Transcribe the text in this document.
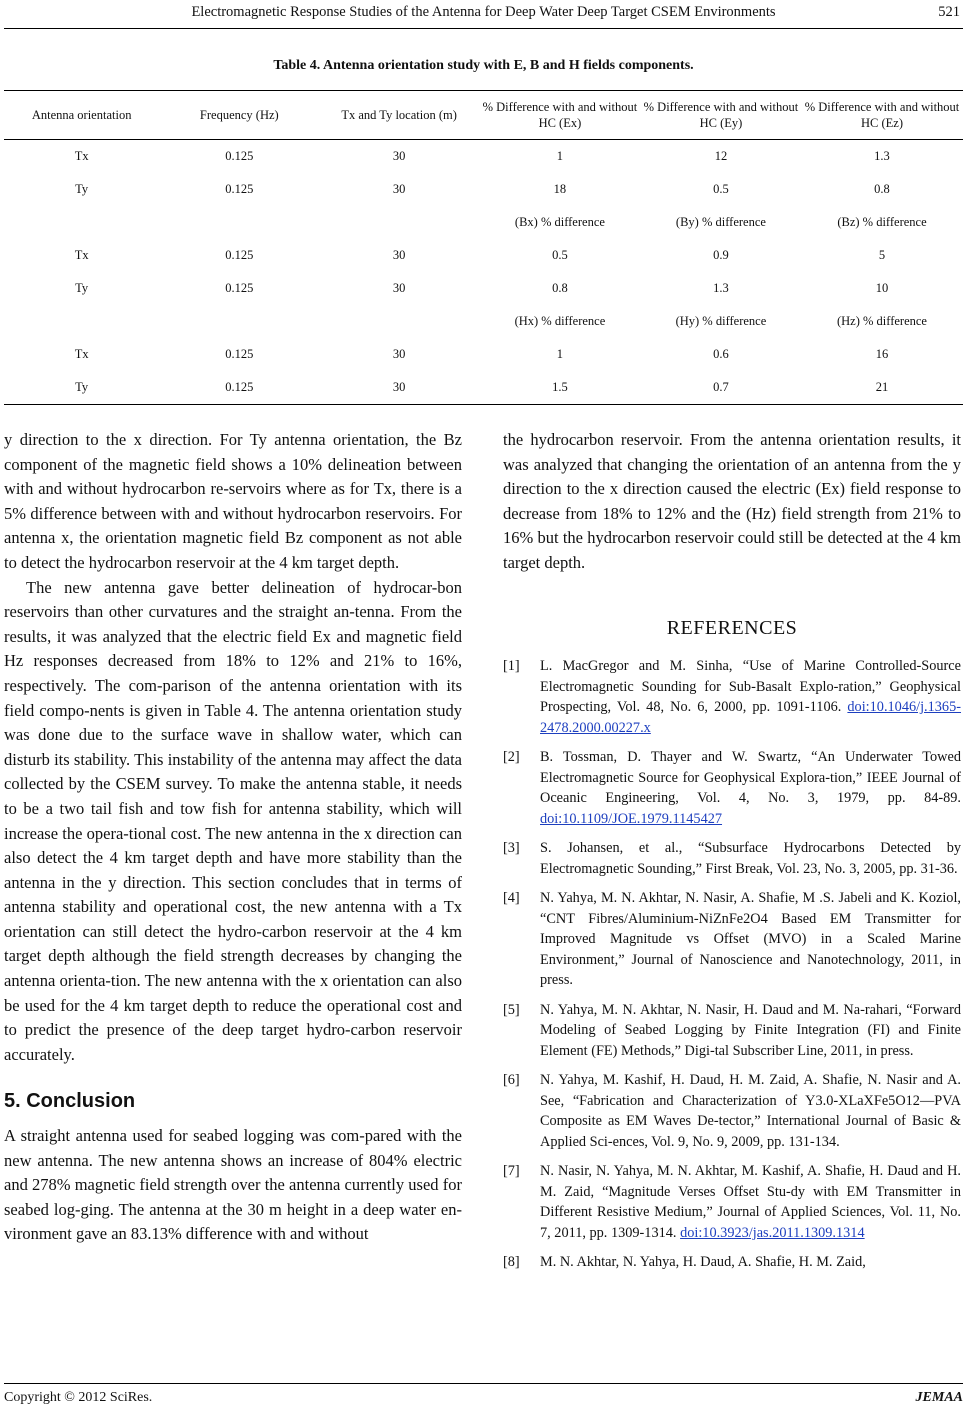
Electromagnetic Response Studies of the Antenna for Deep Water Deep Target CSEM Environments	521
Table 4. Antenna orientation study with E, B and H fields components.
Antenna orientation	Frequency (Hz)	Tx and Ty location (m)	% Difference with and without HC (Ex)	% Difference with and without HC (Ey)	% Difference with and without HC (Ez)
Tx	0.125	30	1	12	1.3
Ty	0.125	30	18	0.5	0.8
			(Bx) % difference	(By) % difference	(Bz) % difference
Tx	0.125	30	0.5	0.9	5
Ty	0.125	30	0.8	1.3	10
			(Hx) % difference	(Hy) % difference	(Hz) % difference
Tx	0.125	30	1	0.6	16
Ty	0.125	30	1.5	0.7	21

y direction to the x direction. For Ty antenna orientation, the Bz component of the magnetic field shows a 10% delineation between with and without hydrocarbon re-servoirs where as for Tx, there is a 5% difference between with and without hydrocarbon reservoirs. For antenna x, the orientation magnetic field Bz component as not able to detect the hydrocarbon reservoir at the 4 km target depth.

The new antenna gave better delineation of hydrocar-bon reservoirs than other curvatures and the straight an-tenna. From the results, it was analyzed that the electric field Ex and magnetic field Hz responses decreased from 18% to 12% and 21% to 16%, respectively. The com-parison of the antenna orientation with its field compo-nents is given in Table 4. The antenna orientation study was done due to the surface wave in shallow water, which can disturb its stability. This instability of the antenna may affect the data collected by the CSEM survey. To make the antenna stable, it needs to be a two tail fish and tow fish for antenna stability, which will increase the opera-tional cost. The new antenna in the x direction can also detect the 4 km target depth and have more stability than the antenna in the y direction. This section concludes that in terms of antenna stability and operational cost, the new antenna with a Tx orientation can still detect the hydro-carbon reservoir at the 4 km target depth although the field strength decreases by changing the antenna orienta-tion. The new antenna with the x orientation can also be used for the 4 km target depth to reduce the operational cost and to predict the presence of the deep target hydro-carbon reservoir accurately.

5. Conclusion

A straight antenna used for seabed logging was com-pared with the new antenna. The new antenna shows an increase of 804% electric and 278% magnetic field strength over the antenna currently used for seabed log-ging. The antenna at the 30 m height in a deep water en-vironment gave an 83.13% difference with and without

the hydrocarbon reservoir. From the antenna orientation results, it was analyzed that changing the orientation of an antenna from the y direction to the x direction caused the electric (Ex) field response to decrease from 18% to 12% and the (Hz) field strength from 21% to 16% but the hydrocarbon reservoir could still be detected at the 4 km target depth.

REFERENCES
[1]	L. MacGregor and M. Sinha, “Use of Marine Controlled-Source Electromagnetic Sounding for Sub-Basalt Explo-ration,” Geophysical Prospecting, Vol. 48, No. 6, 2000, pp. 1091-1106. doi:10.1046/j.1365-2478.2000.00227.x
[2]	B. Tossman, D. Thayer and W. Swartz, “An Underwater Towed Electromagnetic Source for Geophysical Explora-tion,” IEEE Journal of Oceanic Engineering, Vol. 4, No. 3, 1979, pp. 84-89. doi:10.1109/JOE.1979.1145427
[3]	S. Johansen, et al., “Subsurface Hydrocarbons Detected by Electromagnetic Sounding,” First Break, Vol. 23, No. 3, 2005, pp. 31-36.
[4]	N. Yahya, M. N. Akhtar, N. Nasir, A. Shafie, M .S. Jabeli and K. Koziol, “CNT Fibres/Aluminium-NiZnFe2O4 Based EM Transmitter for Improved Magnitude vs Offset (MVO) in a Scaled Marine Environment,” Journal of Nanoscience and Nanotechnology, 2011, in press.
[5]	N. Yahya, M. N. Akhtar, N. Nasir, H. Daud and M. Na-rahari, “Forward Modeling of Seabed Logging by Finite Integration (FI) and Finite Element (FE) Methods,” Digi-tal Subscriber Line, 2011, in press.
[6]	N. Yahya, M. Kashif, H. Daud, H. M. Zaid, A. Shafie, N. Nasir and A. See, “Fabrication and Characterization of Y3.0-XLaXFe5O12—PVA Composite as EM Waves De-tector,” International Journal of Basic & Applied Sci-ences, Vol. 9, No. 9, 2009, pp. 131-134.
[7]	N. Nasir, N. Yahya, M. N. Akhtar, M. Kashif, A. Shafie, H. Daud and H. M. Zaid, “Magnitude Verses Offset Stu-dy with EM Transmitter in Different Resistive Medium,” Journal of Applied Sciences, Vol. 11, No. 7, 2011, pp. 1309-1314. doi:10.3923/jas.2011.1309.1314
[8]	M. N. Akhtar, N. Yahya, H. Daud, A. Shafie, H. M. Zaid,
Copyright © 2012 SciRes.	JEMAA
